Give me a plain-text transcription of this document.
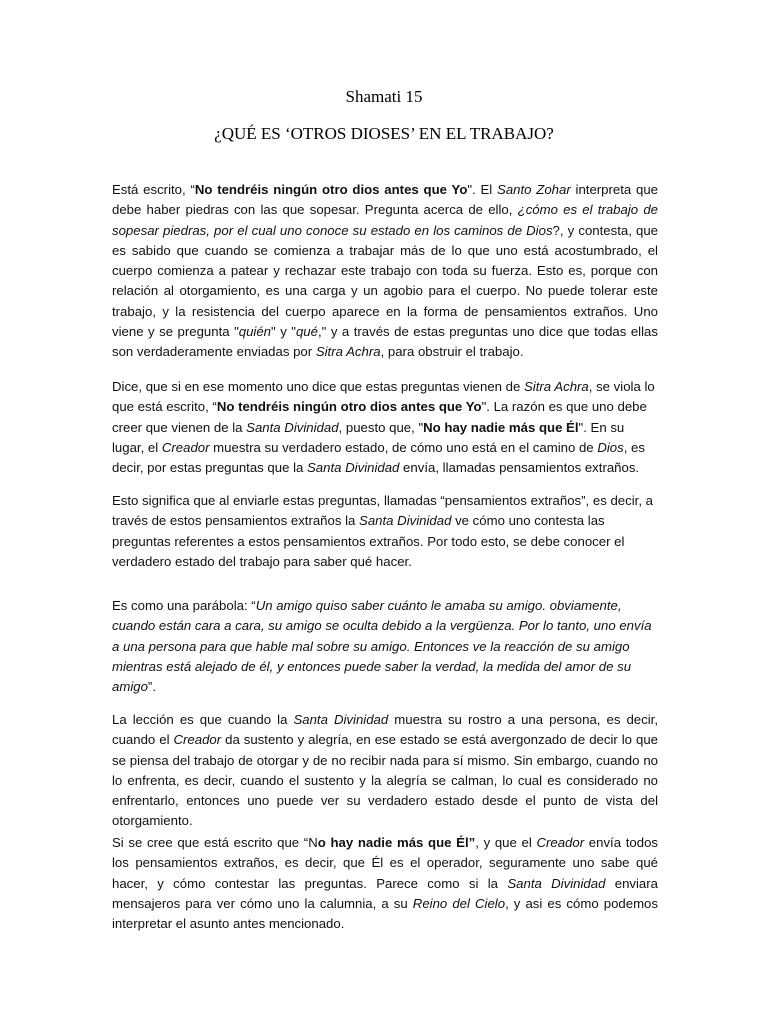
Shamati 15
¿QUÉ ES ‘OTROS DIOSES’ EN EL TRABAJO?

Está escrito, “No tendréis ningún otro dios antes que Yo". El Santo Zohar interpreta que debe haber piedras con las que sopesar. Pregunta acerca de ello, ¿cómo es el trabajo de sopesar piedras, por el cual uno conoce su estado en los caminos de Dios?, y contesta, que es sabido que cuando se comienza a trabajar más de lo que uno está acostumbrado, el cuerpo comienza a patear y rechazar este trabajo con toda su fuerza. Esto es, porque con relación al otorgamiento, es una carga y un agobio para el cuerpo. No puede tolerar este trabajo, y la resistencia del cuerpo aparece en la forma de pensamientos extraños. Uno viene y se pregunta "quién" y "qué," y a través de estas preguntas uno dice que todas ellas son verdaderamente enviadas por Sitra Achra, para obstruir el trabajo.

Dice, que si en ese momento uno dice que estas preguntas vienen de Sitra Achra, se viola lo que está escrito, “No tendréis ningún otro dios antes que Yo". La razón es que uno debe creer que vienen de la Santa Divinidad, puesto que, "No hay nadie más que Él". En su lugar, el Creador muestra su verdadero estado, de cómo uno está en el camino de Dios, es decir, por estas preguntas que la Santa Divinidad envía, llamadas pensamientos extraños.

Esto significa que al enviarle estas preguntas, llamadas “pensamientos extraños”, es decir, a través de estos pensamientos extraños la Santa Divinidad ve cómo uno contesta las preguntas referentes a estos pensamientos extraños. Por todo esto, se debe conocer el verdadero estado del trabajo para saber qué hacer.

Es como una parábola: “Un amigo quiso saber cuánto le amaba su amigo. obviamente, cuando están cara a cara, su amigo se oculta debido a la vergüenza. Por lo tanto, uno envía a una persona para que hable mal sobre su amigo. Entonces ve la reacción de su amigo mientras está alejado de él, y entonces puede saber la verdad, la medida del amor de su amigo”.

La lección es que cuando la Santa Divinidad muestra su rostro a una persona, es decir, cuando el Creador da sustento y alegría, en ese estado se está avergonzado de decir lo que se piensa del trabajo de otorgar y de no recibir nada para sí mismo. Sin embargo, cuando no lo enfrenta, es decir, cuando el sustento y la alegría se calman, lo cual es considerado no enfrentarlo, entonces uno puede ver su verdadero estado desde el punto de vista del otorgamiento.

Si se cree que está escrito que “No hay nadie más que Él”, y que el Creador envía todos los pensamientos extraños, es decir, que Él es el operador, seguramente uno sabe qué hacer, y cómo contestar las preguntas. Parece como si la Santa Divinidad enviara mensajeros para ver cómo uno la calumnia, a su Reino del Cielo, y asi es cómo podemos interpretar el asunto antes mencionado.
